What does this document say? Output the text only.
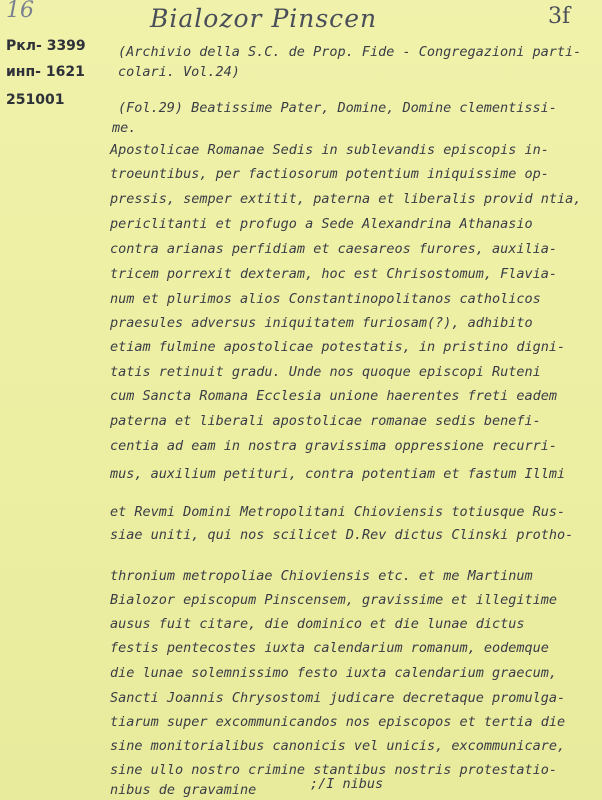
16	Bialozor Pinscen	3f
Ркл- 3399
инп- 1621
251001
(Archivio della S.C. de Prop. Fide - Congregazioni parti-
colari. Vol.24)
(Fol.29) Beatissime Pater, Domine, Domine clementissi-
me.
Apostolicae Romanae Sedis in sublevandis episcopis in-
troeuntibus, per factiosorum potentium iniquissime op-
pressis, semper extitit, paterna et liberalis provid ntia,
periclitanti et profugo a Sede Alexandrina Athanasio
contra arianas perfidiam et caesareos furores, auxilia-
tricem porrexit dexteram, hoc est Chrisostomum, Flavia-
num et plurimos alios Constantinopolitanos catholicos
praesules adversus iniquitatem furiosam(?), adhibito
etiam fulmine apostolicae potestatis, in pristino digni-
tatis retinuit gradu. Unde nos quoque episcopi Ruteni
cum Sancta Romana Ecclesia unione haerentes freti eadem
paterna et liberali apostolicae romanae sedis benefi-
centia ad eam in nostra gravissima oppressione recurri-
mus, auxilium petituri, contra potentiam et fastum Illmi
et Revmi Domini Metropolitani Chioviensis totiusque Rus-
siae uniti, qui nos scilicet D.Rev dictus Clinski protho-
thronium metropoliae Chioviensis etc. et me Martinum
Bialozor episcopum Pinscensem, gravissime et illegitime
ausus fuit citare, die dominico et die lunae dictus
festis pentecostes iuxta calendarium romanum, eodemque
die lunae solemnissimo festo iuxta calendarium graecum,
Sancti Joannis Chrysostomi judicare decretaque promulga-
tiarum super excommunicandos nos episcopos et tertia die
sine monitorialibus canonicis vel unicis, excommunicare,
sine ullo nostro crimine stantibus nostris protestatio-
nibus de gravamine	;/I nibus
